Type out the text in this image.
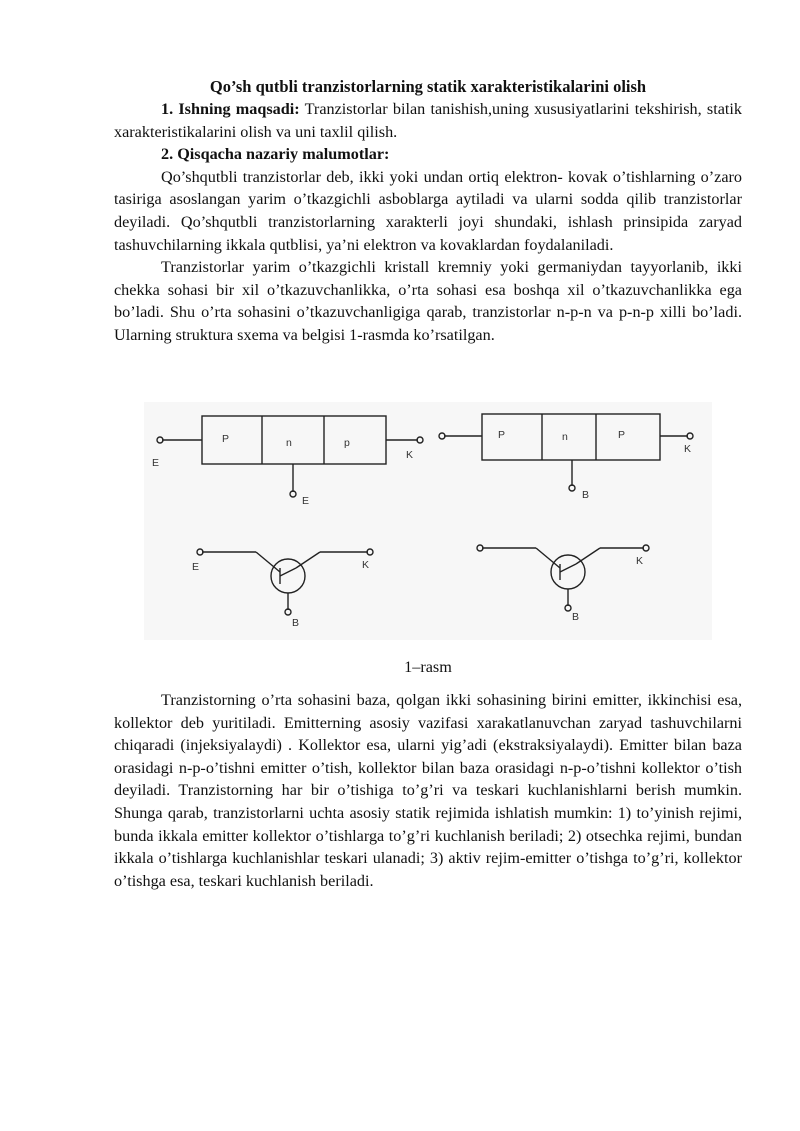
Qo’sh qutbli tranzistorlarning statik xarakteristikalarini olish

1. Ishning maqsadi: Tranzistorlar bilan tanishish,uning xususiyatlarini tekshirish, statik xarakteristikalarini olish va uni taxlil qilish.

2. Qisqacha nazariy malumotlar:

Qo’shqutbli tranzistorlar deb, ikki yoki undan ortiq elektron- kovak o’tishlarning o’zaro tasiriga asoslangan yarim o’tkazgichli asboblarga aytiladi va ularni sodda qilib tranzistorlar deyiladi. Qo’shqutbli tranzistorlarning xarakterli joyi shundaki, ishlash prinsipida zaryad tashuvchilarning ikkala qutblisi, ya’ni elektron va kovaklardan foydalaniladi.

Tranzistorlar yarim o’tkazgichli kristall kremniy yoki germaniydan tayyorlanib, ikki chekka sohasi bir xil o’tkazuvchanlikka, o’rta sohasi esa boshqa xil o’tkazuvchanlikka ega bo’ladi. Shu o’rta sohasini o’tkazuvchanligiga qarab, tranzistorlar n-p-n va p-n-p xilli bo’ladi. Ularning struktura sxema va belgisi 1-rasmda ko’rsatilgan.

1–rasm

Tranzistorning o’rta sohasini baza, qolgan ikki sohasining birini emitter, ikkinchisi esa, kollektor deb yuritiladi. Emitterning asosiy vazifasi xarakatlanuvchan zaryad tashuvchilarni chiqaradi (injeksiyalaydi) . Kollektor esa, ularni yig’adi (ekstraksiyalaydi). Emitter bilan baza orasidagi n-p-o’tishni emitter o’tish, kollektor bilan baza orasidagi n-p-o’tishni kollektor o’tish deyiladi. Tranzistorning har bir o’tishiga to’g’ri va teskari kuchlanishlarni berish mumkin. Shunga qarab, tranzistorlarni uchta asosiy statik rejimida ishlatish mumkin: 1) to’yinish rejimi, bunda ikkala emitter kollektor o’tishlarga to’g’ri kuchlanish beriladi; 2) otsechka rejimi, bundan ikkala o’tishlarga kuchlanishlar teskari ulanadi; 3) aktiv rejim-emitter o’tishga to’g’ri, kollektor o’tishga esa, teskari kuchlanish beriladi.

P	n	p
E
K
E
P	n	P
K
B
E	K
B
K
B
